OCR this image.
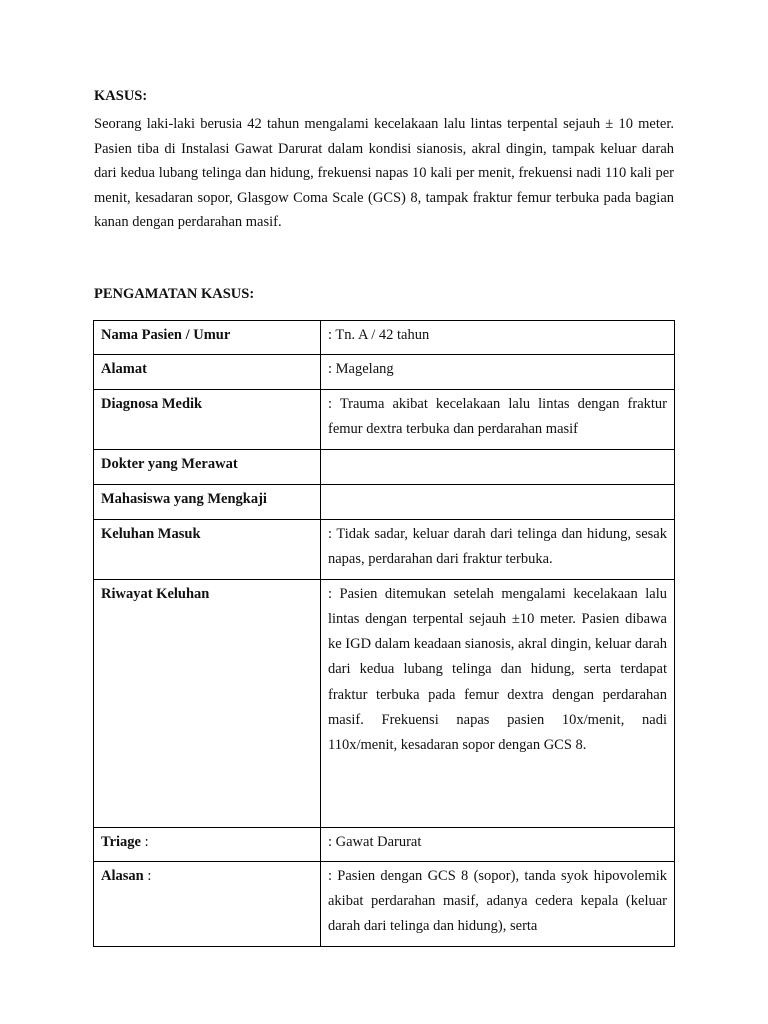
KASUS:

Seorang laki-laki berusia 42 tahun mengalami kecelakaan lalu lintas terpental sejauh ± 10 meter. Pasien tiba di Instalasi Gawat Darurat dalam kondisi sianosis, akral dingin, tampak keluar darah dari kedua lubang telinga dan hidung, frekuensi napas 10 kali per menit, frekuensi nadi 110 kali per menit, kesadaran sopor, Glasgow Coma Scale (GCS) 8, tampak fraktur femur terbuka pada bagian kanan dengan perdarahan masif.

PENGAMATAN KASUS:

Nama Pasien / Umur	: Tn. A / 42 tahun
Alamat	: Magelang
Diagnosa Medik	: Trauma akibat kecelakaan lalu lintas dengan fraktur femur dextra terbuka dan perdarahan masif
Dokter yang Merawat	
Mahasiswa yang Mengkaji	
Keluhan Masuk	: Tidak sadar, keluar darah dari telinga dan hidung, sesak napas, perdarahan dari fraktur terbuka.
Riwayat Keluhan	: Pasien ditemukan setelah mengalami kecelakaan lalu lintas dengan terpental sejauh ±10 meter. Pasien dibawa ke IGD dalam keadaan sianosis, akral dingin, keluar darah dari kedua lubang telinga dan hidung, serta terdapat fraktur terbuka pada femur dextra dengan perdarahan masif. Frekuensi napas pasien 10x/menit, nadi 110x/menit, kesadaran sopor dengan GCS 8.
Triage :	: Gawat Darurat
Alasan :	: Pasien dengan GCS 8 (sopor), tanda syok hipovolemik akibat perdarahan masif, adanya cedera kepala (keluar darah dari telinga dan hidung), serta
